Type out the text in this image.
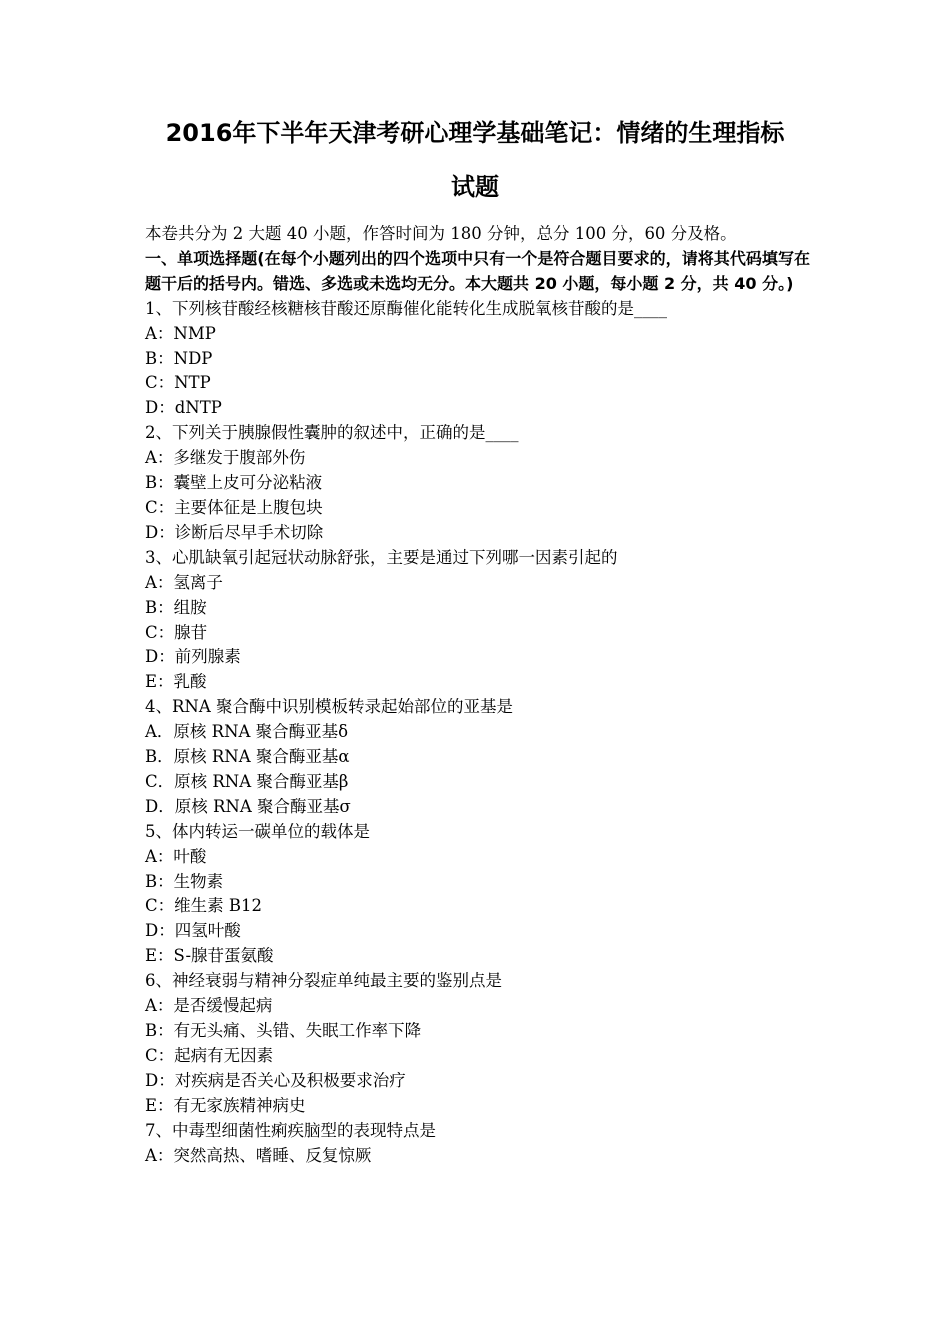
2016年下半年天津考研心理学基础笔记：情绪的生理指标
试题
本卷共分为 2 大题 40 小题，作答时间为 180 分钟，总分 100 分，60 分及格。
一、单项选择题(在每个小题列出的四个选项中只有一个是符合题目要求的，请将其代码填写在题干后的括号内。错选、多选或未选均无分。本大题共 20 小题，每小题 2 分，共 40 分。)
1、下列核苷酸经核糖核苷酸还原酶催化能转化生成脱氧核苷酸的是____
A：NMP
B：NDP
C：NTP
D：dNTP
2、下列关于胰腺假性囊肿的叙述中，正确的是____
A：多继发于腹部外伤
B：囊壁上皮可分泌粘液
C：主要体征是上腹包块
D：诊断后尽早手术切除
3、心肌缺氧引起冠状动脉舒张，主要是通过下列哪一因素引起的
A：氢离子
B：组胺
C：腺苷
D：前列腺素
E：乳酸
4、RNA 聚合酶中识别模板转录起始部位的亚基是
A．原核 RNA 聚合酶亚基δ
B．原核 RNA 聚合酶亚基α
C．原核 RNA 聚合酶亚基β
D．原核 RNA 聚合酶亚基σ
5、体内转运一碳单位的载体是
A：叶酸
B：生物素
C：维生素 B12
D：四氢叶酸
E：S-腺苷蛋氨酸
6、神经衰弱与精神分裂症单纯最主要的鉴别点是
A：是否缓慢起病
B：有无头痛、头错、失眠工作率下降
C：起病有无因素
D：对疾病是否关心及积极要求治疗
E：有无家族精神病史
7、中毒型细菌性痢疾脑型的表现特点是
A：突然高热、嗜睡、反复惊厥
